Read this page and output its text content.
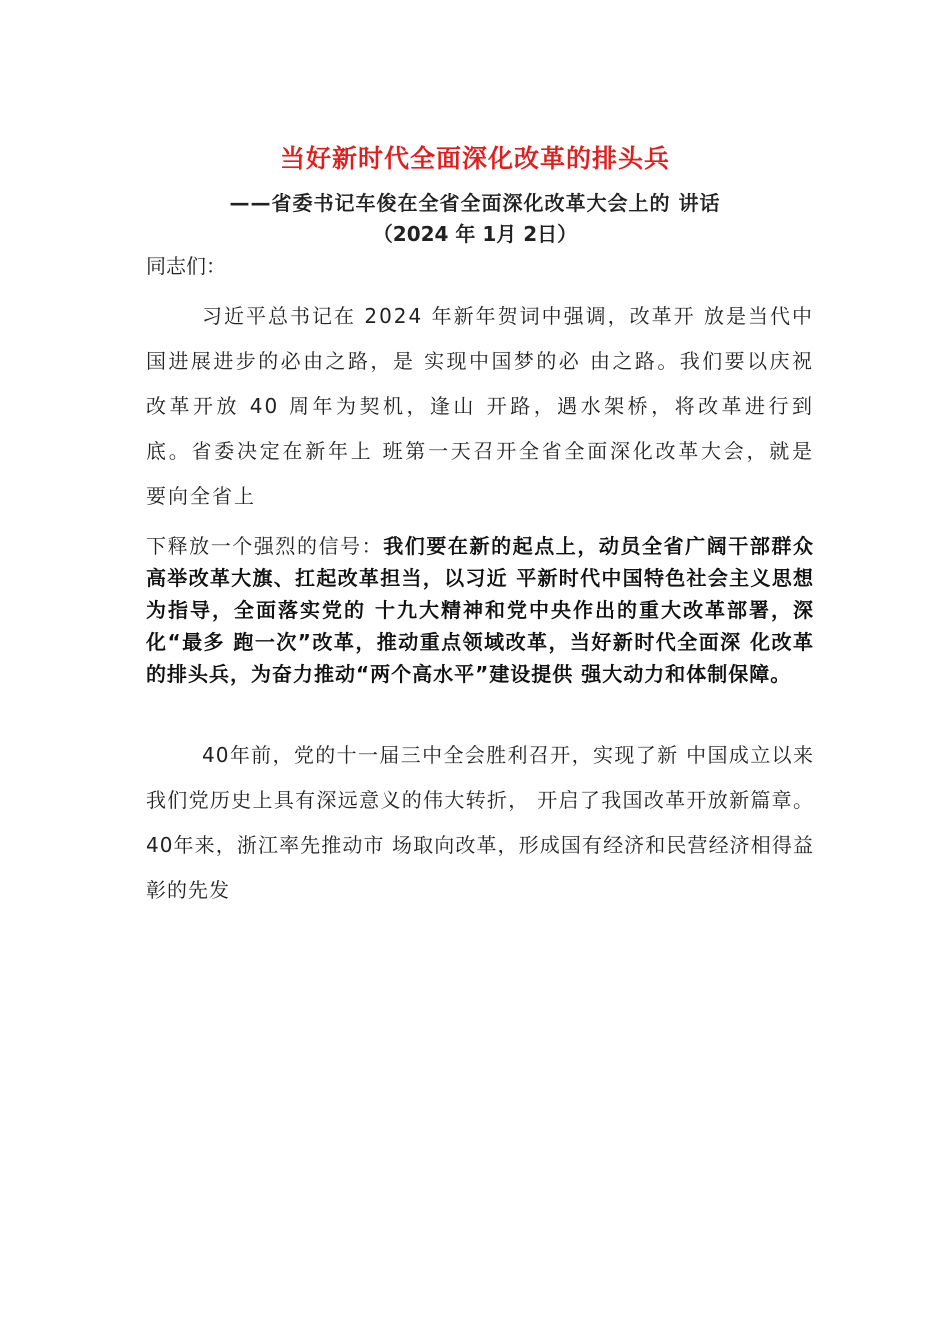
当好新时代全面深化改革的排头兵
——省委书记车俊在全省全面深化改革大会上的 讲话
（2024 年 1月 2日）
同志们：

习近平总书记在 2024 年新年贺词中强调，改革开 放是当代中国进展进步的必由之路，是 实现中国梦的必 由之路。我们要以庆祝改革开放 40 周年为契机，逢山 开路，遇水架桥，将改革进行到底。省委决定在新年上 班第一天召开全省全面深化改革大会，就是要向全省上

下释放一个强烈的信号：我们要在新的起点上，动员全省广阔干部群众高举改革大旗、扛起改革担当，以习近 平新时代中国特色社会主义思想为指导，全面落实党的 十九大精神和党中央作出的重大改革部署，深化“最多 跑一次”改革，推动重点领域改革，当好新时代全面深 化改革的排头兵，为奋力推动“两个高水平”建设提供 强大动力和体制保障。

40年前，党的十一届三中全会胜利召开，实现了新 中国成立以来我们党历史上具有深远意义的伟大转折， 开启了我国改革开放新篇章。40年来，浙江率先推动市 场取向改革，形成国有经济和民营经济相得益彰的先发
